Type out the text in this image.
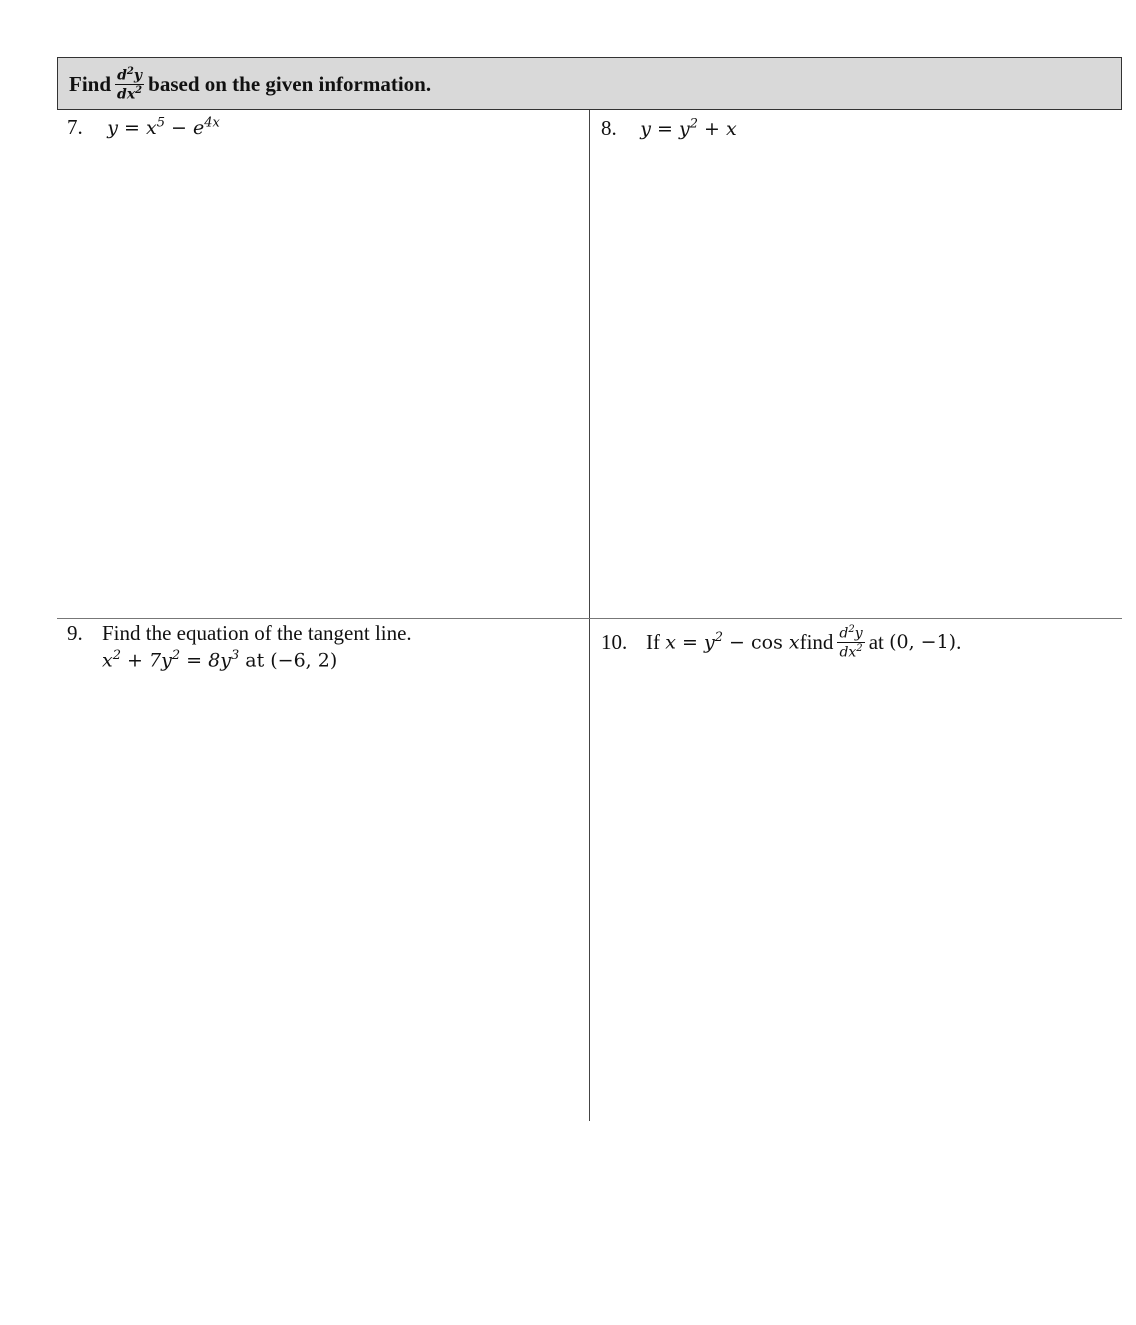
Find $\frac{d^2y}{dx^2}$ based on the given information.
7. $y = x^5 - e^{4x}$	8. $y = y^2 + x$
9. Find the equation of the tangent line.
$x^2 + 7y^2 = 8y^3$ at (−6, 2)
10. If
$x = y^2 - \cos x$ find $\frac{d^2y}{dx^2}$ at
(0, −1) .
